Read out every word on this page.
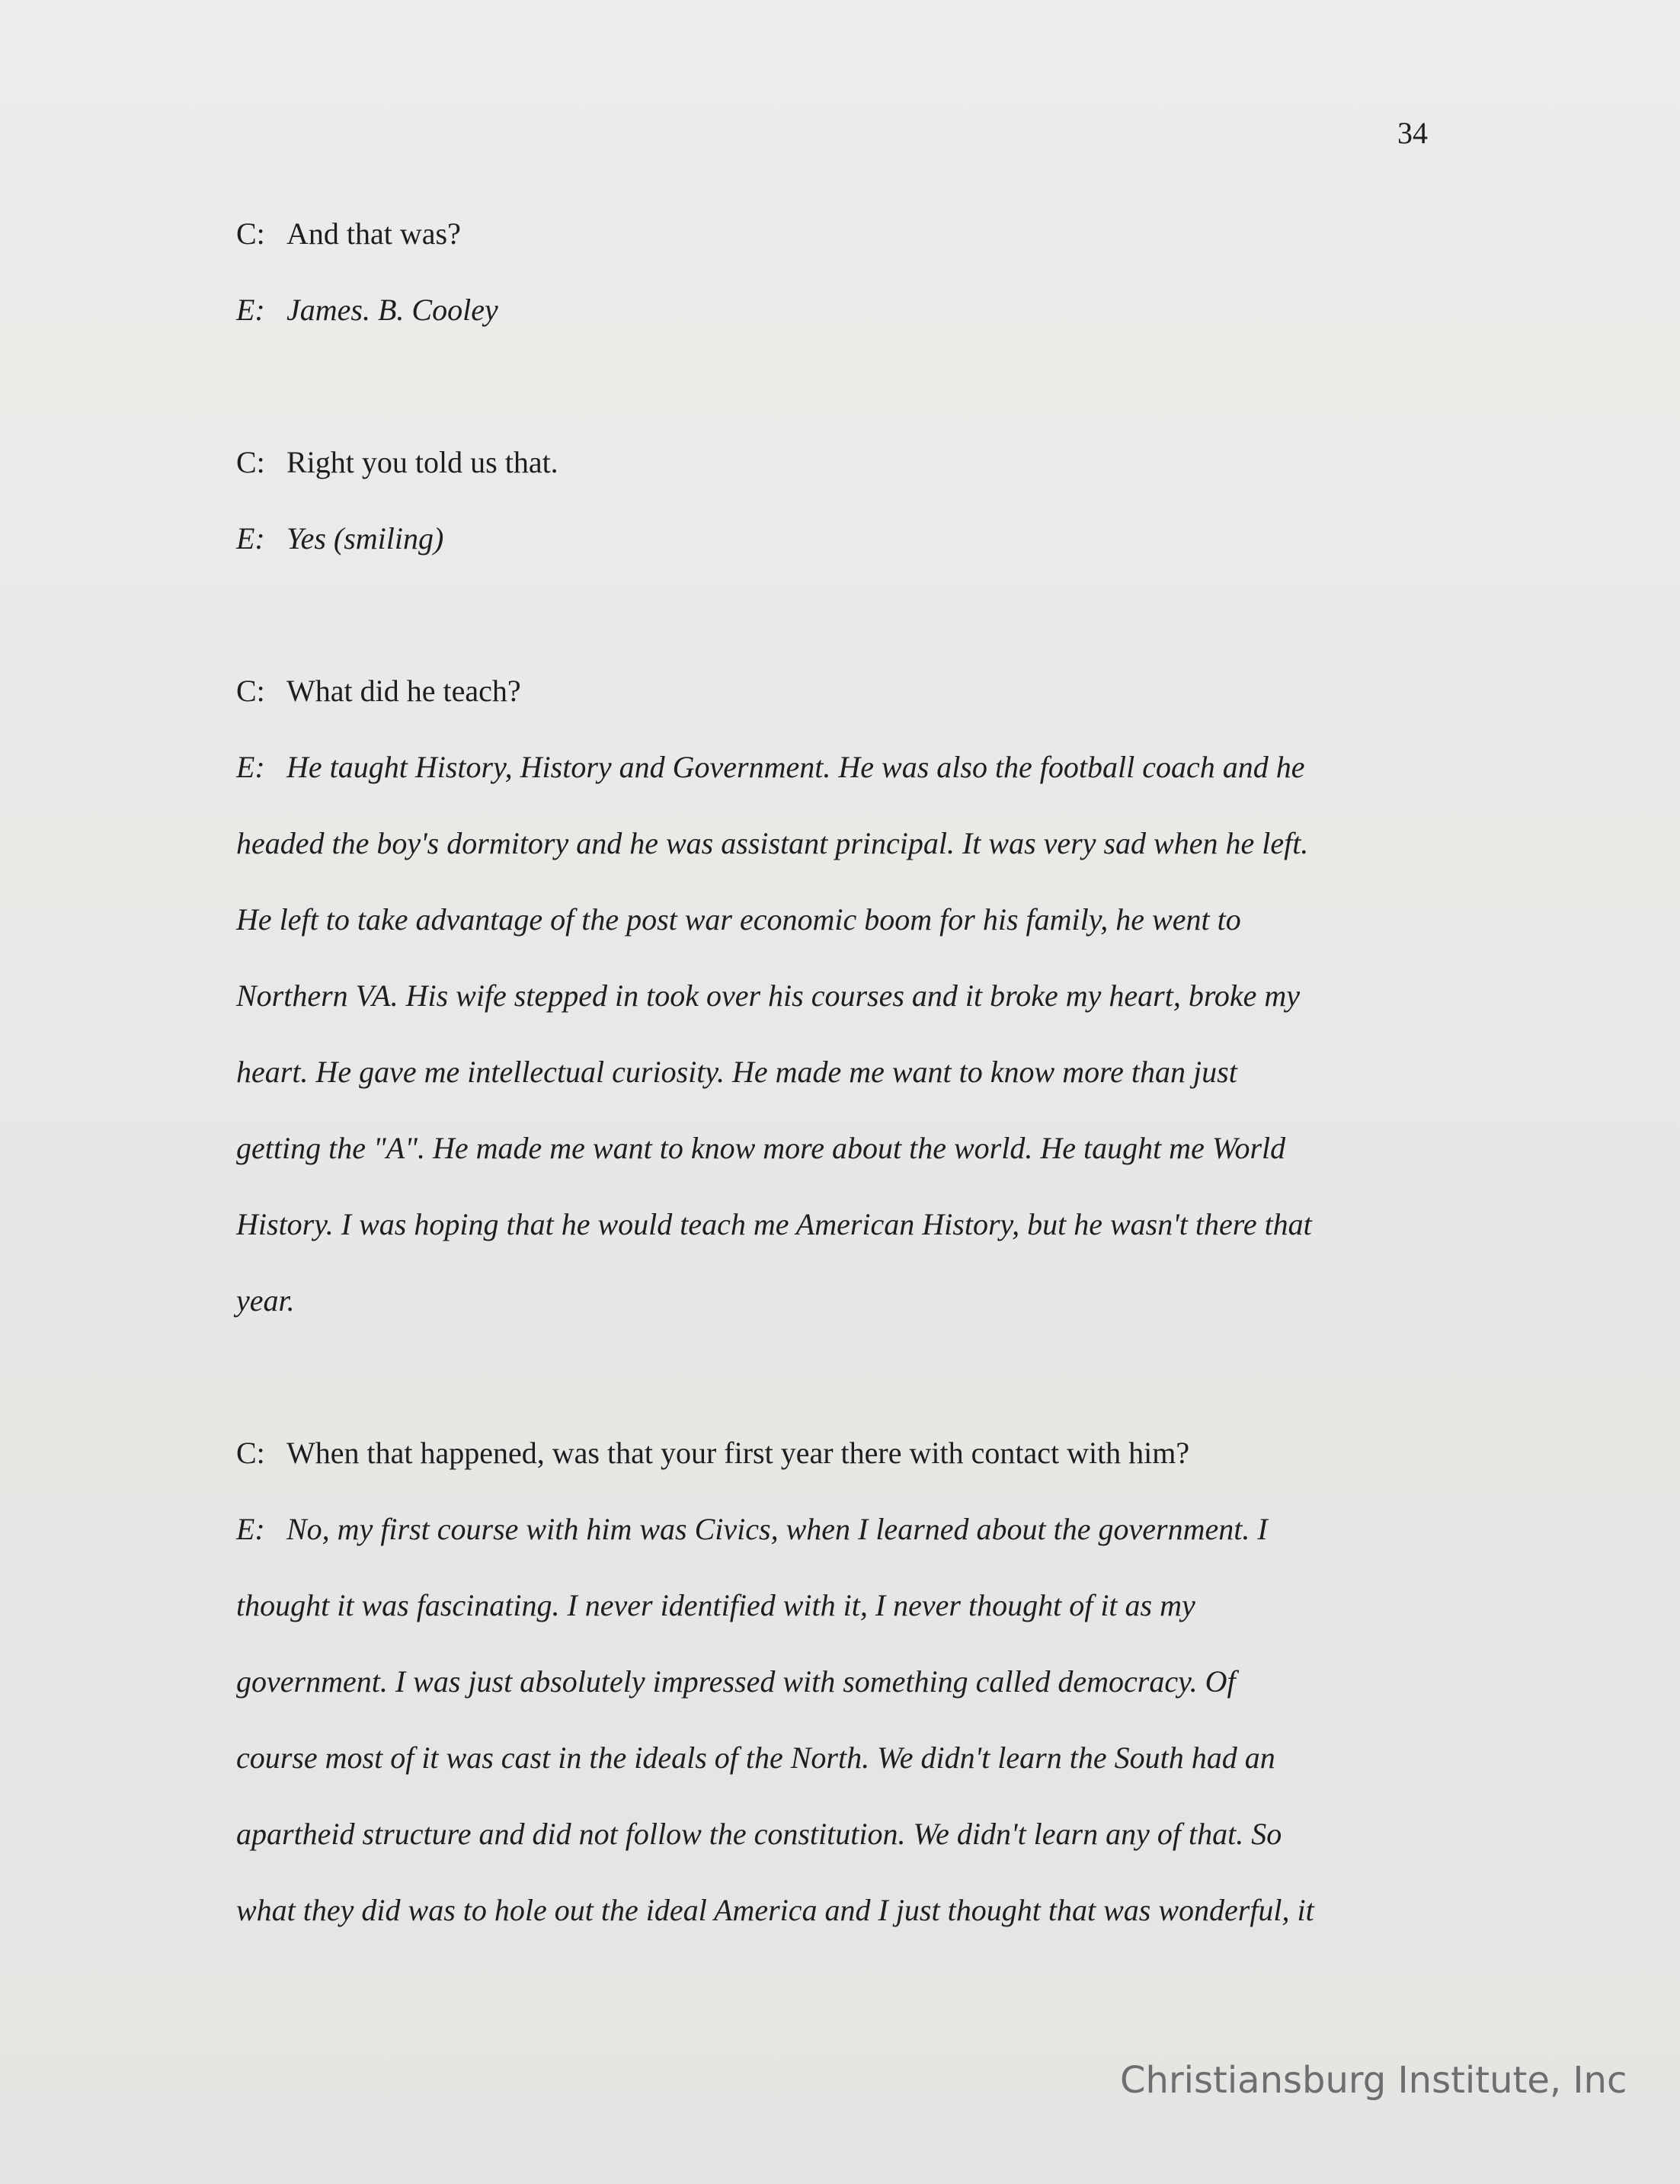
34
C: And that was?
E: James. B. Cooley
C: Right you told us that.
E: Yes (smiling)
C: What did he teach?
E: He taught History, History and Government. He was also the football coach and he
headed the boy's dormitory and he was assistant principal. It was very sad when he left.
He left to take advantage of the post war economic boom for his family, he went to
Northern VA. His wife stepped in took over his courses and it broke my heart, broke my
heart. He gave me intellectual curiosity. He made me want to know more than just
getting the "A". He made me want to know more about the world. He taught me World
History. I was hoping that he would teach me American History, but he wasn't there that
year.
C: When that happened, was that your first year there with contact with him?
E: No, my first course with him was Civics, when I learned about the government. I
thought it was fascinating. I never identified with it, I never thought of it as my
government. I was just absolutely impressed with something called democracy. Of
course most of it was cast in the ideals of the North. We didn't learn the South had an
apartheid structure and did not follow the constitution. We didn't learn any of that. So
what they did was to hole out the ideal America and I just thought that was wonderful, it
Christiansburg Institute, Inc
